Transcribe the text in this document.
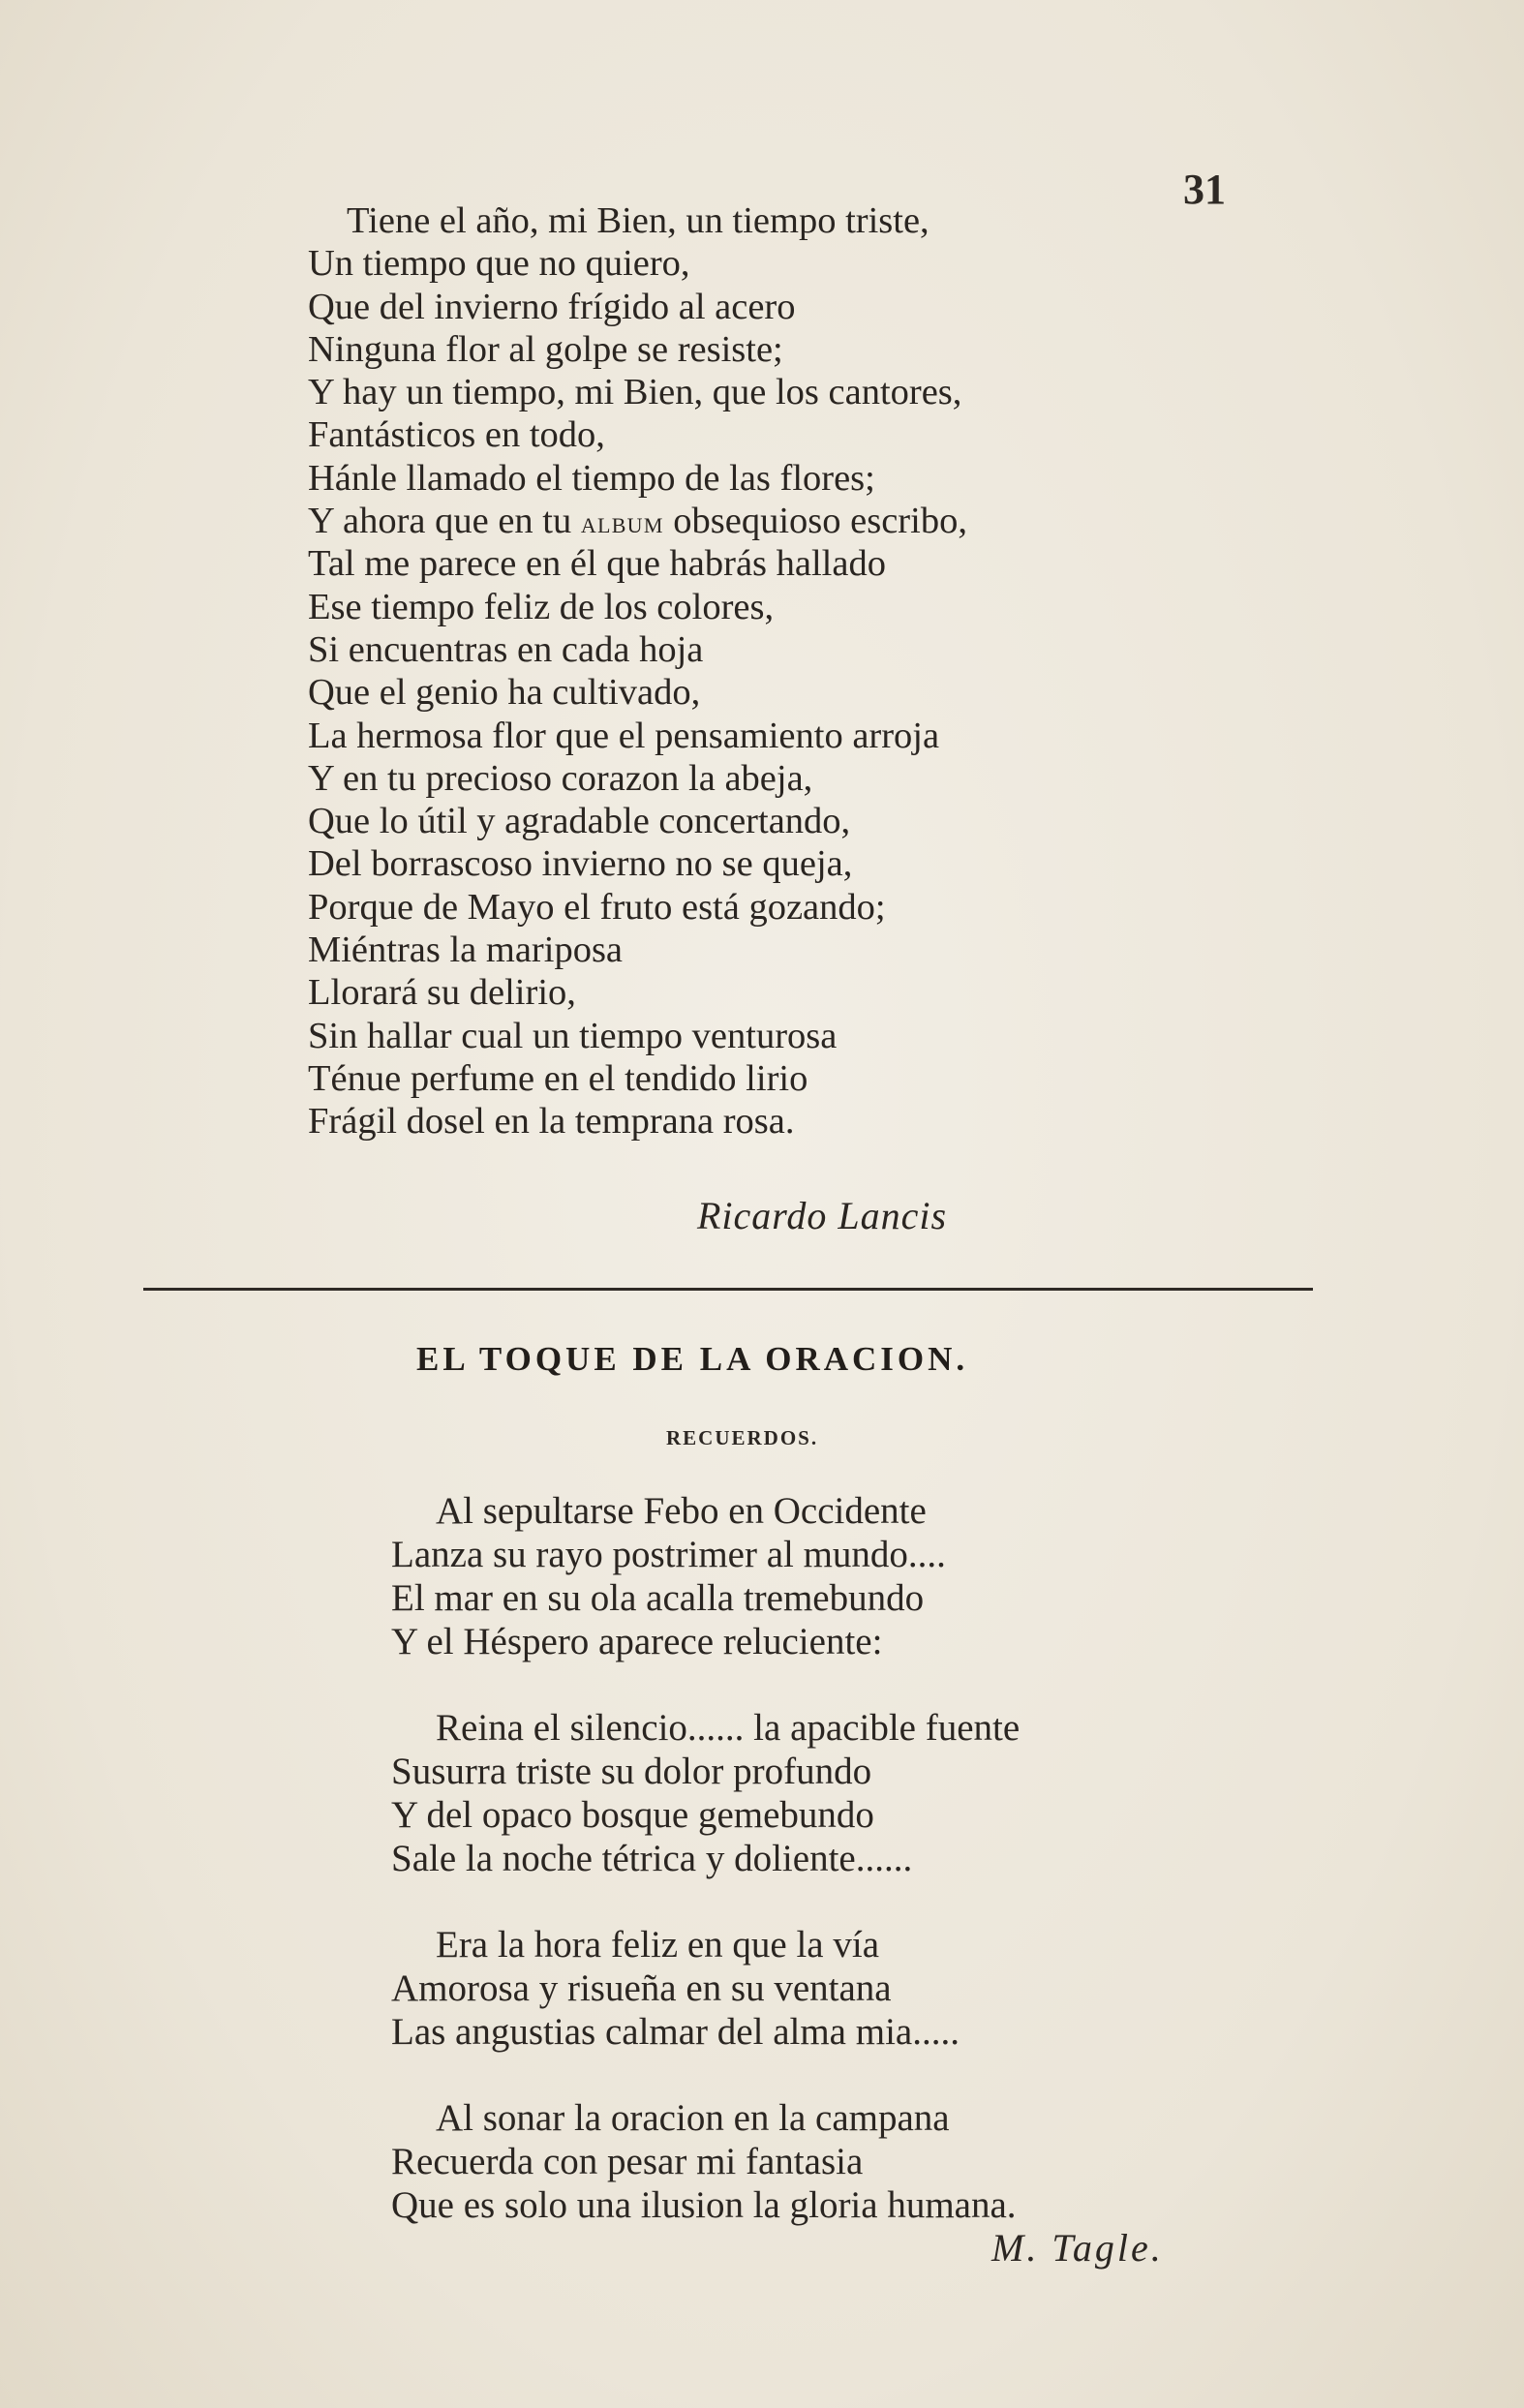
31
Tiene el año, mi Bien, un tiempo triste,
Un tiempo que no quiero,
Que del invierno frígido al acero
Ninguna flor al golpe se resiste;
Y hay un tiempo, mi Bien, que los cantores,
Fantásticos en todo,
Hánle llamado el tiempo de las flores;
Y ahora que en tu album obsequioso escribo,
Tal me parece en él que habrás hallado
Ese tiempo feliz de los colores,
Si encuentras en cada hoja
Que el genio ha cultivado,
La hermosa flor que el pensamiento arroja
Y en tu precioso corazon la abeja,
Que lo útil y agradable concertando,
Del borrascoso invierno no se queja,
Porque de Mayo el fruto está gozando;
Miéntras la mariposa
Llorará su delirio,
Sin hallar cual un tiempo venturosa
Ténue perfume en el tendido lirio
Frágil dosel en la temprana rosa.
Ricardo Lancis
EL TOQUE DE LA ORACION.
RECUERDOS.
Al sepultarse Febo en Occidente
Lanza su rayo postrimer al mundo....
El mar en su ola acalla tremebundo
Y el Héspero aparece reluciente:
Reina el silencio...... la apacible fuente
Susurra triste su dolor profundo
Y del opaco bosque gemebundo
Sale la noche tétrica y doliente......
Era la hora feliz en que la vía
Amorosa y risueña en su ventana
Las angustias calmar del alma mia.....
Al sonar la oracion en la campana
Recuerda con pesar mi fantasia
Que es solo una ilusion la gloria humana.
M. Tagle.
